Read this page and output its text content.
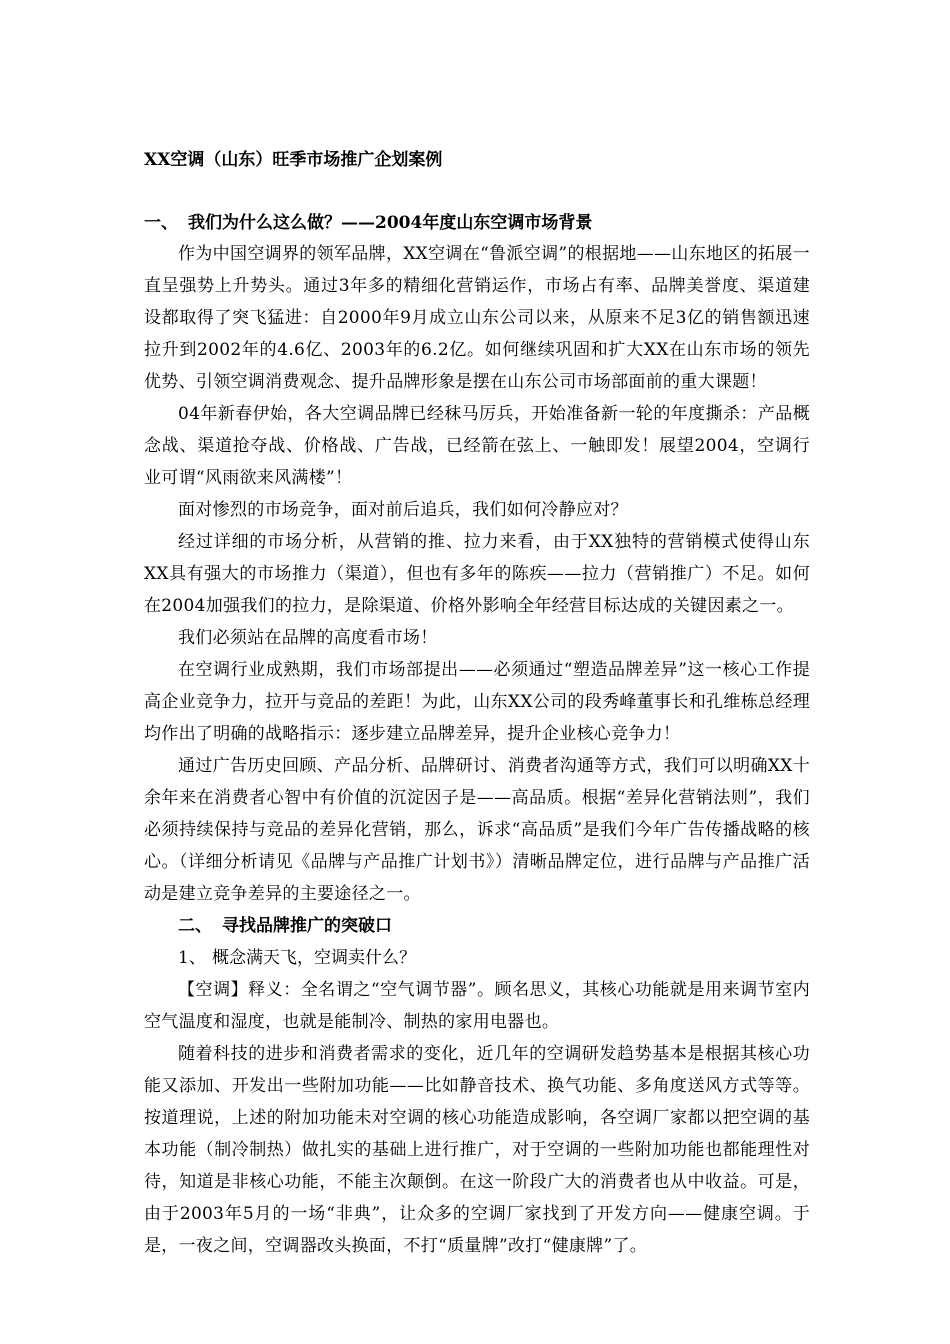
XX空调（山东）旺季市场推广企划案例
一、 我们为什么这么做？——2004年度山东空调市场背景

作为中国空调界的领军品牌，XX空调在“鲁派空调”的根据地——山东地区的拓展一直呈强势上升势头。通过3年多的精细化营销运作，市场占有率、品牌美誉度、渠道建设都取得了突飞猛进：自2000年9月成立山东公司以来，从原来不足3亿的销售额迅速拉升到2002年的4.6亿、2003年的6.2亿。如何继续巩固和扩大XX在山东市场的领先优势、引领空调消费观念、提升品牌形象是摆在山东公司市场部面前的重大课题！

04年新春伊始，各大空调品牌已经秣马厉兵，开始准备新一轮的年度撕杀：产品概念战、渠道抢夺战、价格战、广告战，已经箭在弦上、一触即发！展望2004，空调行业可谓“风雨欲来风满楼”！

面对惨烈的市场竞争，面对前后追兵，我们如何冷静应对？

经过详细的市场分析，从营销的推、拉力来看，由于XX独特的营销模式使得山东XX具有强大的市场推力（渠道），但也有多年的陈疾——拉力（营销推广）不足。如何在2004加强我们的拉力，是除渠道、价格外影响全年经营目标达成的关键因素之一。

我们必须站在品牌的高度看市场！

在空调行业成熟期，我们市场部提出——必须通过“塑造品牌差异”这一核心工作提高企业竞争力，拉开与竞品的差距！为此，山东XX公司的段秀峰董事长和孔维栋总经理均作出了明确的战略指示：逐步建立品牌差异，提升企业核心竞争力！

通过广告历史回顾、产品分析、品牌研讨、消费者沟通等方式，我们可以明确XX十余年来在消费者心智中有价值的沉淀因子是——高品质。根据“差异化营销法则”，我们必须持续保持与竞品的差异化营销，那么，诉求“高品质”是我们今年广告传播战略的核心。（详细分析请见《品牌与产品推广计划书》）清晰品牌定位，进行品牌与产品推广活动是建立竞争差异的主要途径之一。

二、 寻找品牌推广的突破口
1、 概念满天飞，空调卖什么？

【空调】释义：全名谓之“空气调节器”。顾名思义，其核心功能就是用来调节室内空气温度和湿度，也就是能制冷、制热的家用电器也。

随着科技的进步和消费者需求的变化，近几年的空调研发趋势基本是根据其核心功能又添加、开发出一些附加功能——比如静音技术、换气功能、多角度送风方式等等。按道理说，上述的附加功能未对空调的核心功能造成影响，各空调厂家都以把空调的基本功能（制冷制热）做扎实的基础上进行推广，对于空调的一些附加功能也都能理性对待，知道是非核心功能，不能主次颠倒。在这一阶段广大的消费者也从中收益。可是，由于2003年5月的一场“非典”，让众多的空调厂家找到了开发方向——健康空调。于是，一夜之间，空调器改头换面，不打“质量牌”改打“健康牌”了。
